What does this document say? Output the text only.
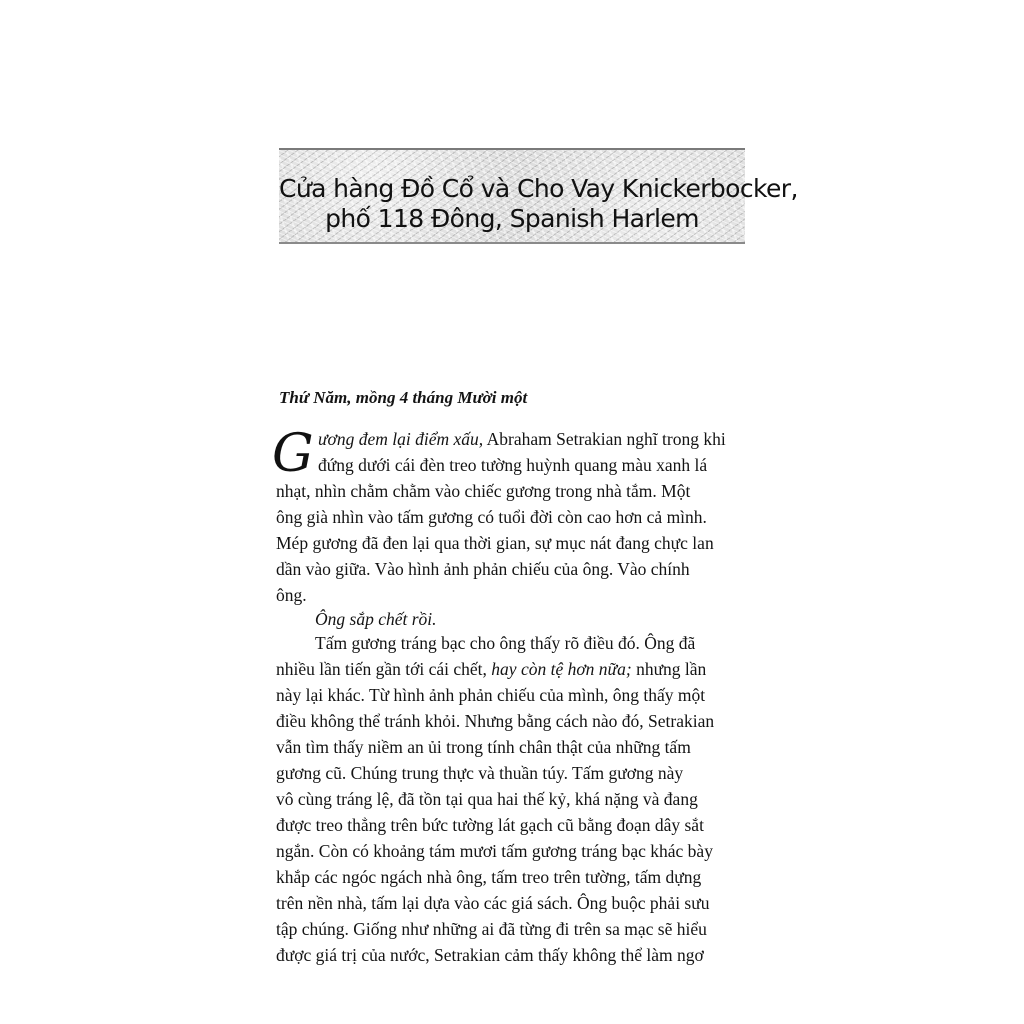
Cửa hàng Đồ Cổ và Cho Vay Knickerbocker,
phố 118 Đông, Spanish Harlem
Thứ Năm, mồng 4 tháng Mười một
G ương đem lại điểm xấu, Abraham Setrakian nghĩ trong khi
đứng dưới cái đèn treo tường huỳnh quang màu xanh lá
nhạt, nhìn chằm chằm vào chiếc gương trong nhà tắm. Một
ông già nhìn vào tấm gương có tuổi đời còn cao hơn cả mình.
Mép gương đã đen lại qua thời gian, sự mục nát đang chực lan
dần vào giữa. Vào hình ảnh phản chiếu của ông. Vào chính
ông.
Ông sắp chết rồi.
Tấm gương tráng bạc cho ông thấy rõ điều đó. Ông đã
nhiều lần tiến gần tới cái chết, hay còn tệ hơn nữa; nhưng lần
này lại khác. Từ hình ảnh phản chiếu của mình, ông thấy một
điều không thể tránh khỏi. Nhưng bằng cách nào đó, Setrakian
vẫn tìm thấy niềm an ủi trong tính chân thật của những tấm
gương cũ. Chúng trung thực và thuần túy. Tấm gương này
vô cùng tráng lệ, đã tồn tại qua hai thế kỷ, khá nặng và đang
được treo thẳng trên bức tường lát gạch cũ bằng đoạn dây sắt
ngắn. Còn có khoảng tám mươi tấm gương tráng bạc khác bày
khắp các ngóc ngách nhà ông, tấm treo trên tường, tấm dựng
trên nền nhà, tấm lại dựa vào các giá sách. Ông buộc phải sưu
tập chúng. Giống như những ai đã từng đi trên sa mạc sẽ hiểu
được giá trị của nước, Setrakian cảm thấy không thể làm ngơ
